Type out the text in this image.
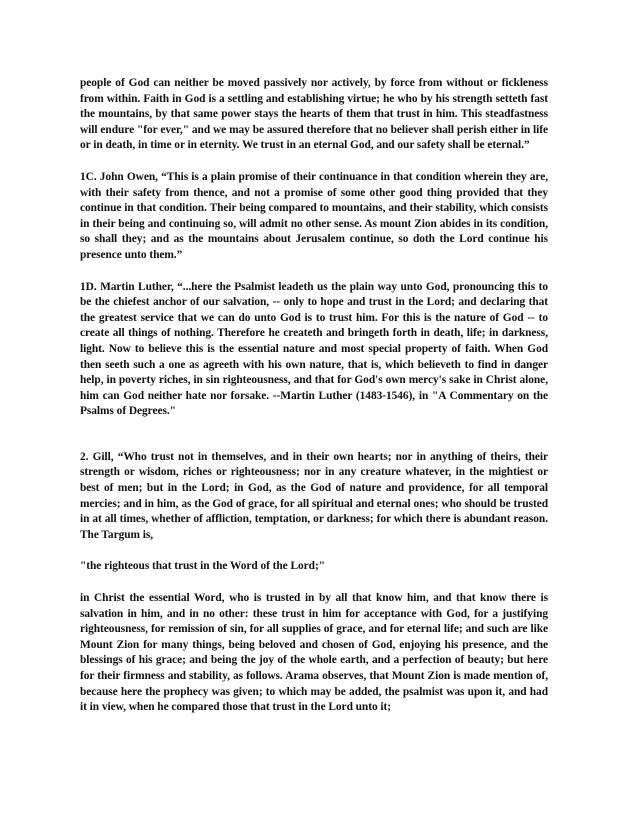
people of God can neither be moved passively nor actively, by force from without or fickleness from within. Faith in God is a settling and establishing virtue; he who by his strength setteth fast the mountains, by that same power stays the hearts of them that trust in him. This steadfastness will endure "for ever," and we may be assured therefore that no believer shall perish either in life or in death, in time or in eternity. We trust in an eternal God, and our safety shall be eternal.”

1C. John Owen, “This is a plain promise of their continuance in that condition wherein they are, with their safety from thence, and not a promise of some other good thing provided that they continue in that condition. Their being compared to mountains, and their stability, which consists in their being and continuing so, will admit no other sense. As mount Zion abides in its condition, so shall they; and as the mountains about Jerusalem continue, so doth the Lord continue his presence unto them.”

1D. Martin Luther, “...here the Psalmist leadeth us the plain way unto God, pronouncing this to be the chiefest anchor of our salvation, -- only to hope and trust in the Lord; and declaring that the greatest service that we can do unto God is to trust him. For this is the nature of God -- to create all things of nothing. Therefore he createth and bringeth forth in death, life; in darkness, light. Now to believe this is the essential nature and most special property of faith. When God then seeth such a one as agreeth with his own nature, that is, which believeth to find in danger help, in poverty riches, in sin righteousness, and that for God's own mercy's sake in Christ alone, him can God neither hate nor forsake. --Martin Luther (1483-1546), in "A Commentary on the Psalms of Degrees."

2. Gill, “Who trust not in themselves, and in their own hearts; nor in anything of theirs, their strength or wisdom, riches or righteousness; nor in any creature whatever, in the mightiest or best of men; but in the Lord; in God, as the God of nature and providence, for all temporal mercies; and in him, as the God of grace, for all spiritual and eternal ones; who should be trusted in at all times, whether of affliction, temptation, or darkness; for which there is abundant reason. The Targum is,

"the righteous that trust in the Word of the Lord;"

in Christ the essential Word, who is trusted in by all that know him, and that know there is salvation in him, and in no other: these trust in him for acceptance with God, for a justifying righteousness, for remission of sin, for all supplies of grace, and for eternal life; and such are like Mount Zion for many things, being beloved and chosen of God, enjoying his presence, and the blessings of his grace; and being the joy of the whole earth, and a perfection of beauty; but here for their firmness and stability, as follows. Arama observes, that Mount Zion is made mention of, because here the prophecy was given; to which may be added, the psalmist was upon it, and had it in view, when he compared those that trust in the Lord unto it;
